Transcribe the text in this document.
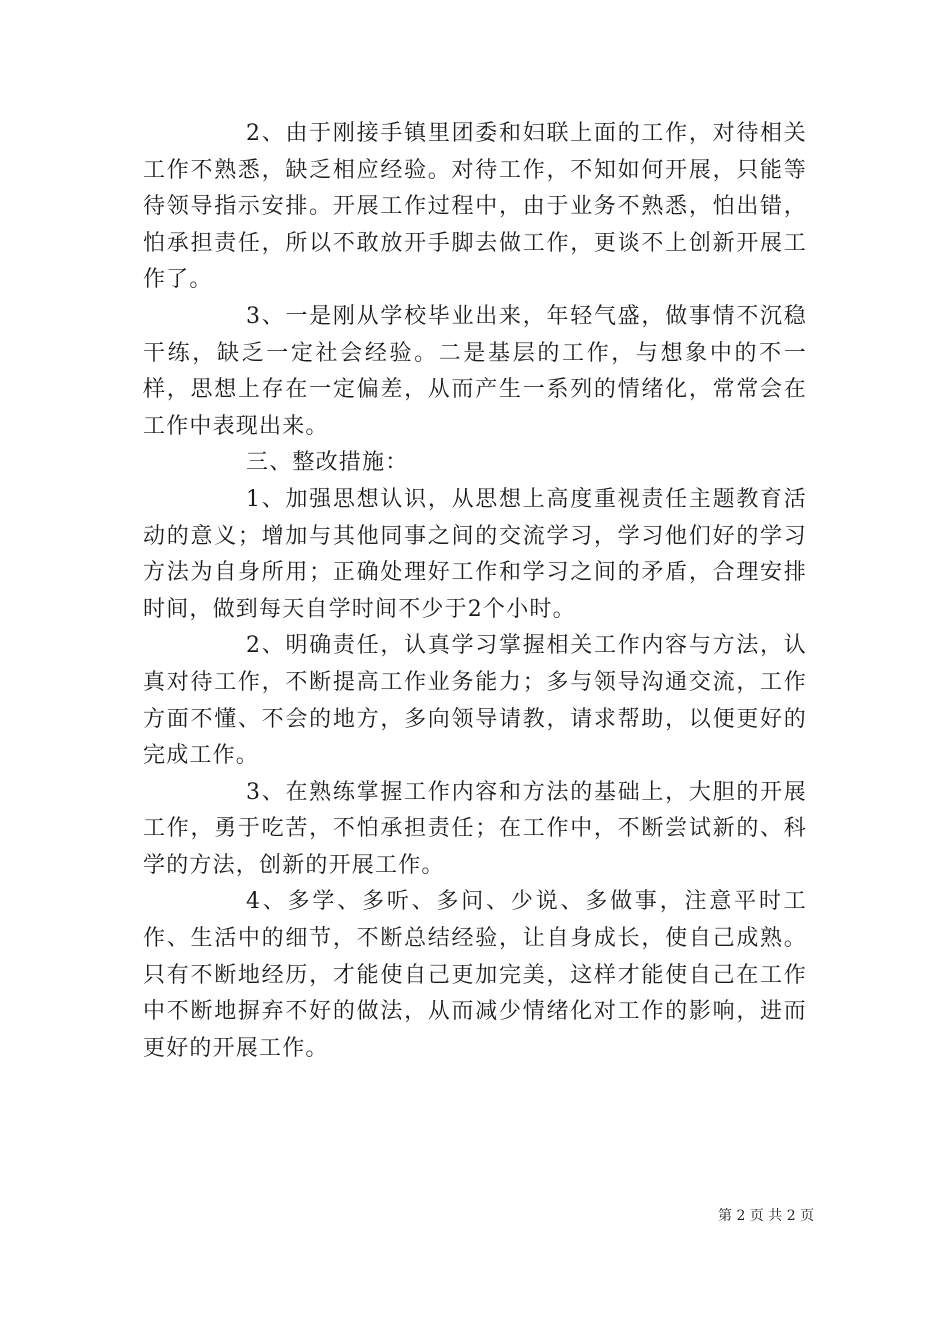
2、由于刚接手镇里团委和妇联上面的工作，对待相关工作不熟悉，缺乏相应经验。对待工作，不知如何开展，只能等待领导指示安排。开展工作过程中，由于业务不熟悉，怕出错，怕承担责任，所以不敢放开手脚去做工作，更谈不上创新开展工作了。

3、一是刚从学校毕业出来，年轻气盛，做事情不沉稳干练，缺乏一定社会经验。二是基层的工作，与想象中的不一样，思想上存在一定偏差，从而产生一系列的情绪化，常常会在工作中表现出来。

三、整改措施：

1、加强思想认识，从思想上高度重视责任主题教育活动的意义；增加与其他同事之间的交流学习，学习他们好的学习方法为自身所用；正确处理好工作和学习之间的矛盾，合理安排时间，做到每天自学时间不少于2个小时。

2、明确责任，认真学习掌握相关工作内容与方法，认真对待工作，不断提高工作业务能力；多与领导沟通交流，工作方面不懂、不会的地方，多向领导请教，请求帮助，以便更好的完成工作。

3、在熟练掌握工作内容和方法的基础上，大胆的开展工作，勇于吃苦，不怕承担责任；在工作中，不断尝试新的、科学的方法，创新的开展工作。

4、多学、多听、多问、少说、多做事，注意平时工作、生活中的细节，不断总结经验，让自身成长，使自己成熟。只有不断地经历，才能使自己更加完美，这样才能使自己在工作中不断地摒弃不好的做法，从而减少情绪化对工作的影响，进而更好的开展工作。

第 2 页 共 2 页
